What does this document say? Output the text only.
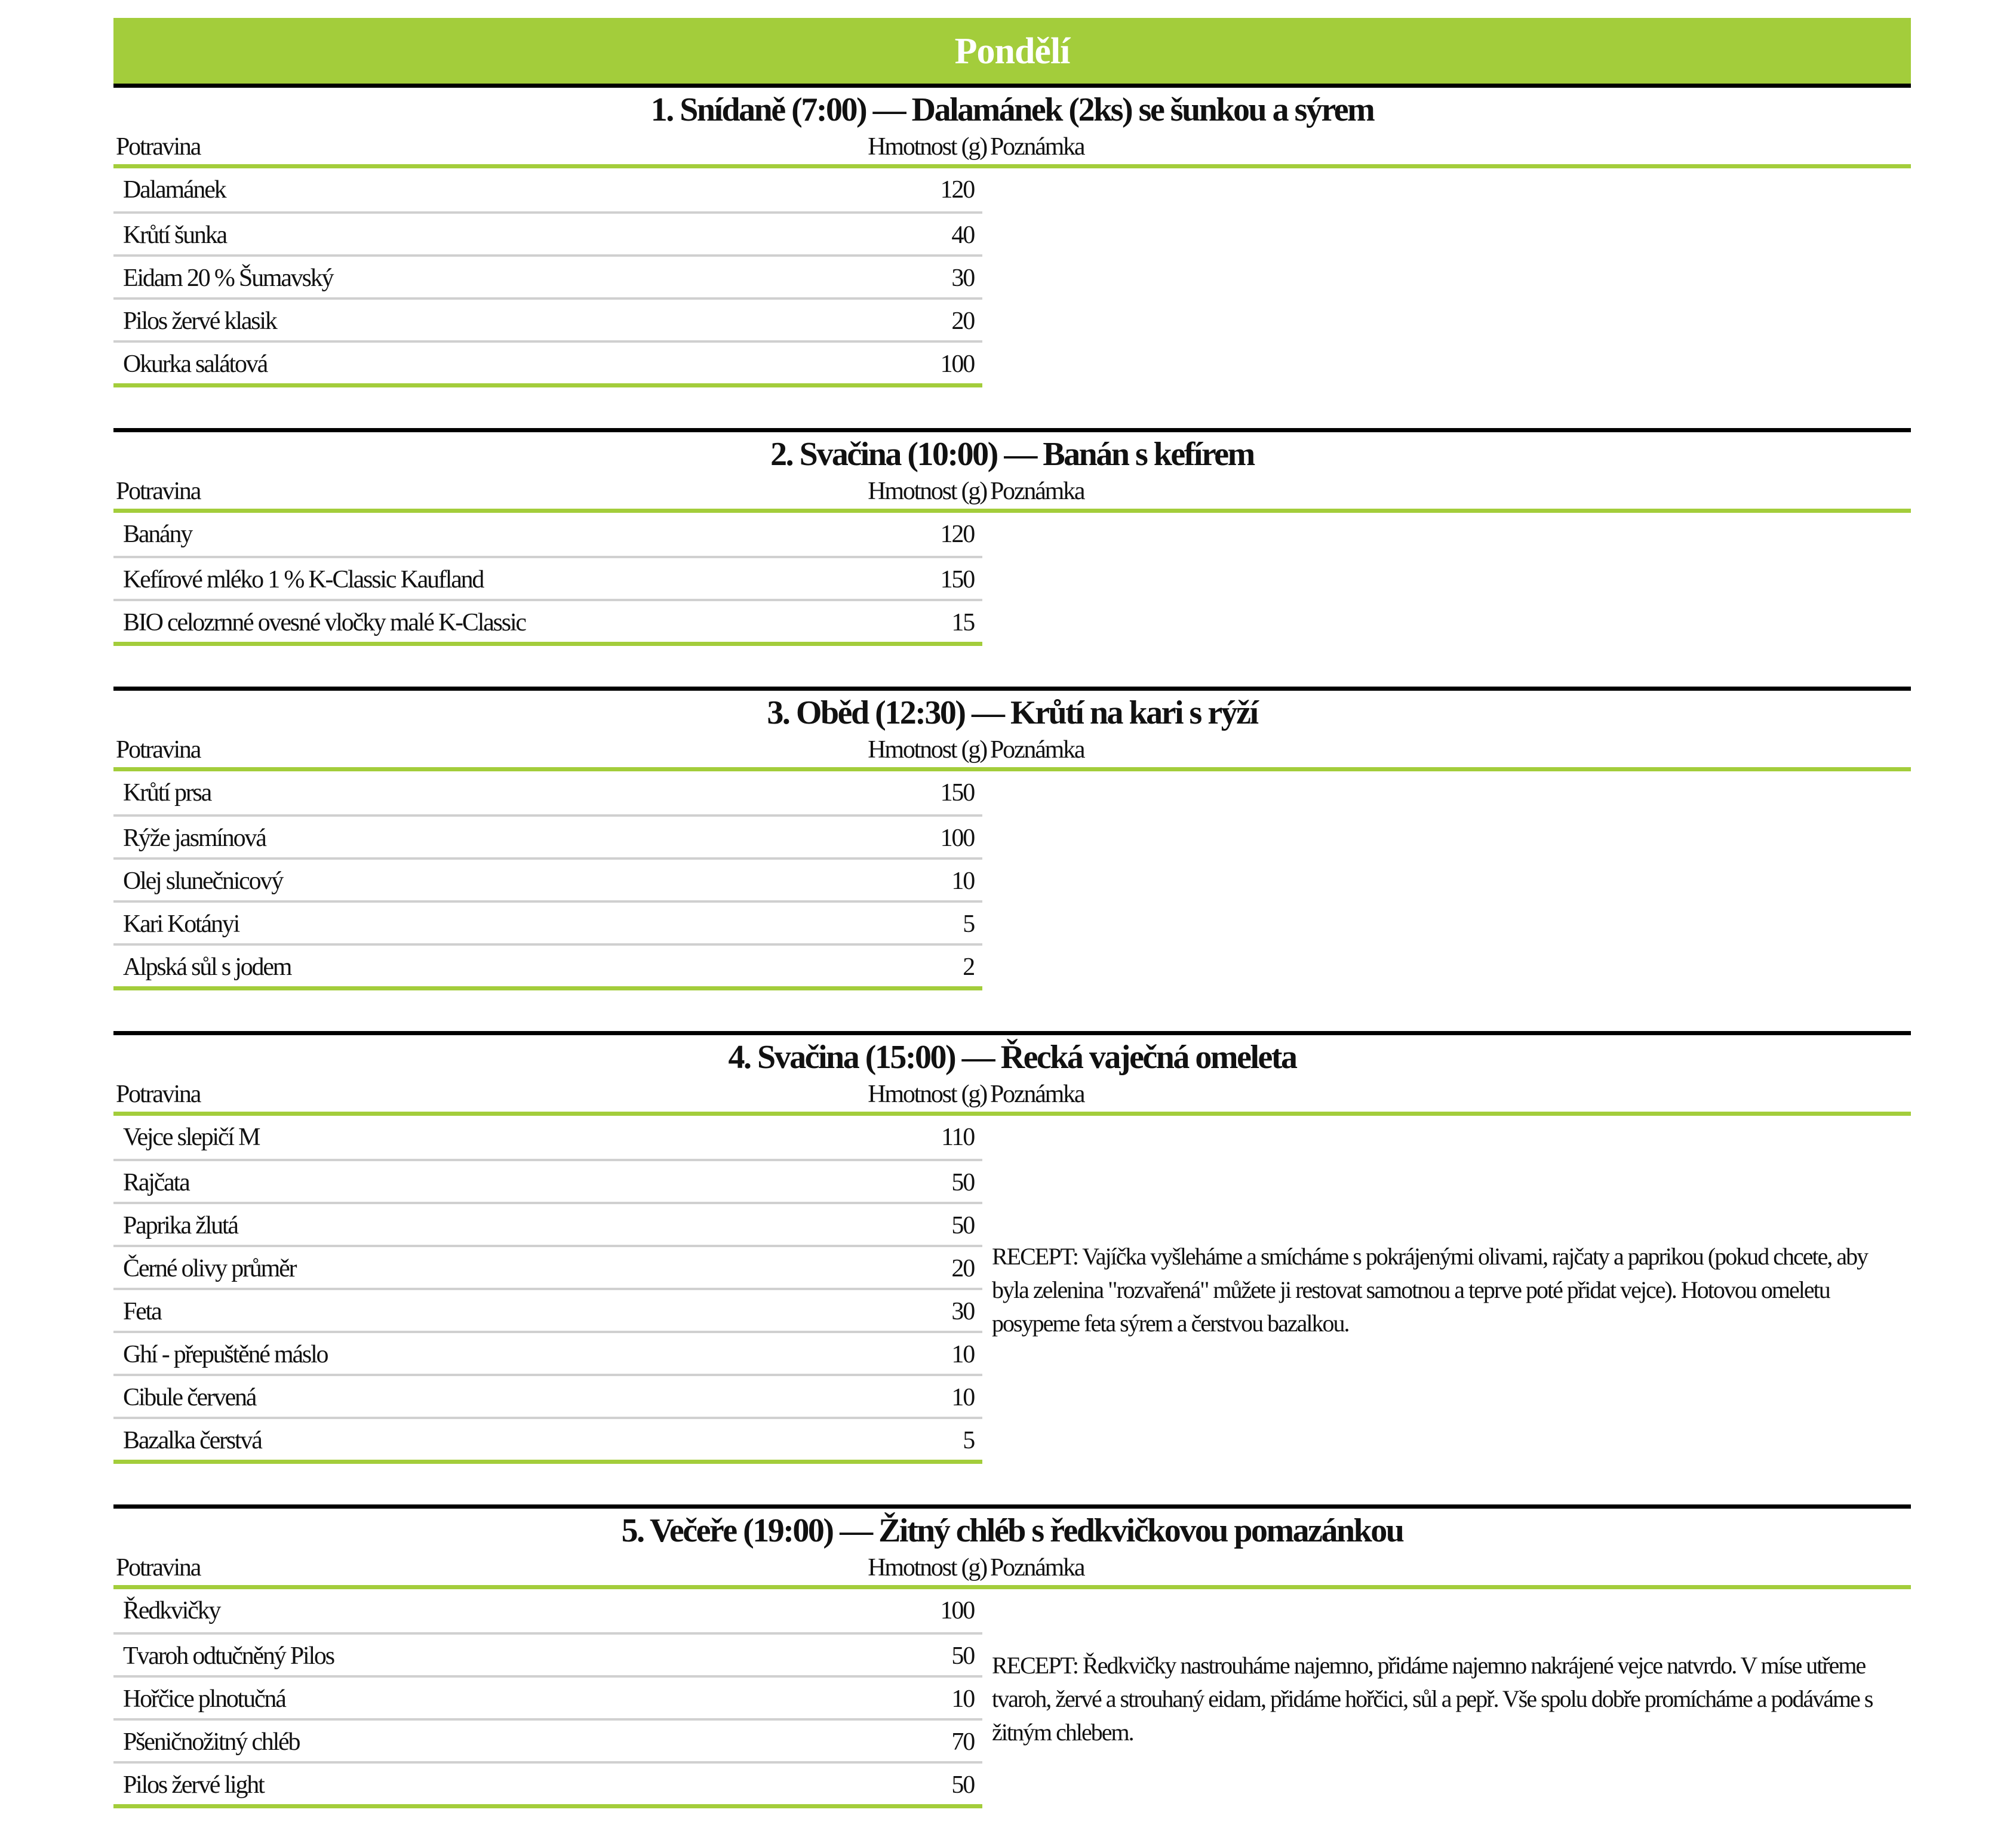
Pondělí
1. Snídaně (7:00) — Dalamánek (2ks) se šunkou a sýrem
Potravina	Hmotnost (g) Poznámka
Dalamánek	120
Krůtí šunka	40
Eidam 20 % Šumavský	30
Pilos žervé klasik	20
Okurka salátová	100
2. Svačina (10:00) — Banán s kefírem
Potravina	Hmotnost (g) Poznámka
Banány	120
Kefírové mléko 1 % K-Classic Kaufland	150
BIO celozrnné ovesné vločky malé K-Classic	15
3. Oběd (12:30) — Krůtí na kari s rýží
Potravina	Hmotnost (g) Poznámka
Krůtí prsa	150
Rýže jasmínová	100
Olej slunečnicový	10
Kari Kotányi	5
Alpská sůl s jodem	2
4. Svačina (15:00) — Řecká vaječná omeleta
Potravina	Hmotnost (g) Poznámka
Vejce slepičí M	110
Rajčata	50
Paprika žlutá	50
Černé olivy průměr	20
Feta	30
Ghí - přepuštěné máslo	10
Cibule červená	10
Bazalka čerstvá	5
RECEPT: Vajíčka vyšleháme a smícháme s pokrájenými olivami, rajčaty a paprikou (pokud chcete, aby byla zelenina "rozvařená" můžete ji restovat samotnou a teprve poté přidat vejce). Hotovou omeletu posypeme feta sýrem a čerstvou bazalkou.
5. Večeře (19:00) — Žitný chléb s ředkvičkovou pomazánkou
Potravina	Hmotnost (g) Poznámka
Ředkvičky	100
Tvaroh odtučněný Pilos	50
Hořčice plnotučná	10
Pšeničnožitný chléb	70
Pilos žervé light	50
RECEPT: Ředkvičky nastrouháme najemno, přidáme najemno nakrájené vejce natvrdo. V míse utřeme tvaroh, žervé a strouhaný eidam, přidáme hořčici, sůl a pepř. Vše spolu dobře promícháme a podáváme s žitným chlebem.
